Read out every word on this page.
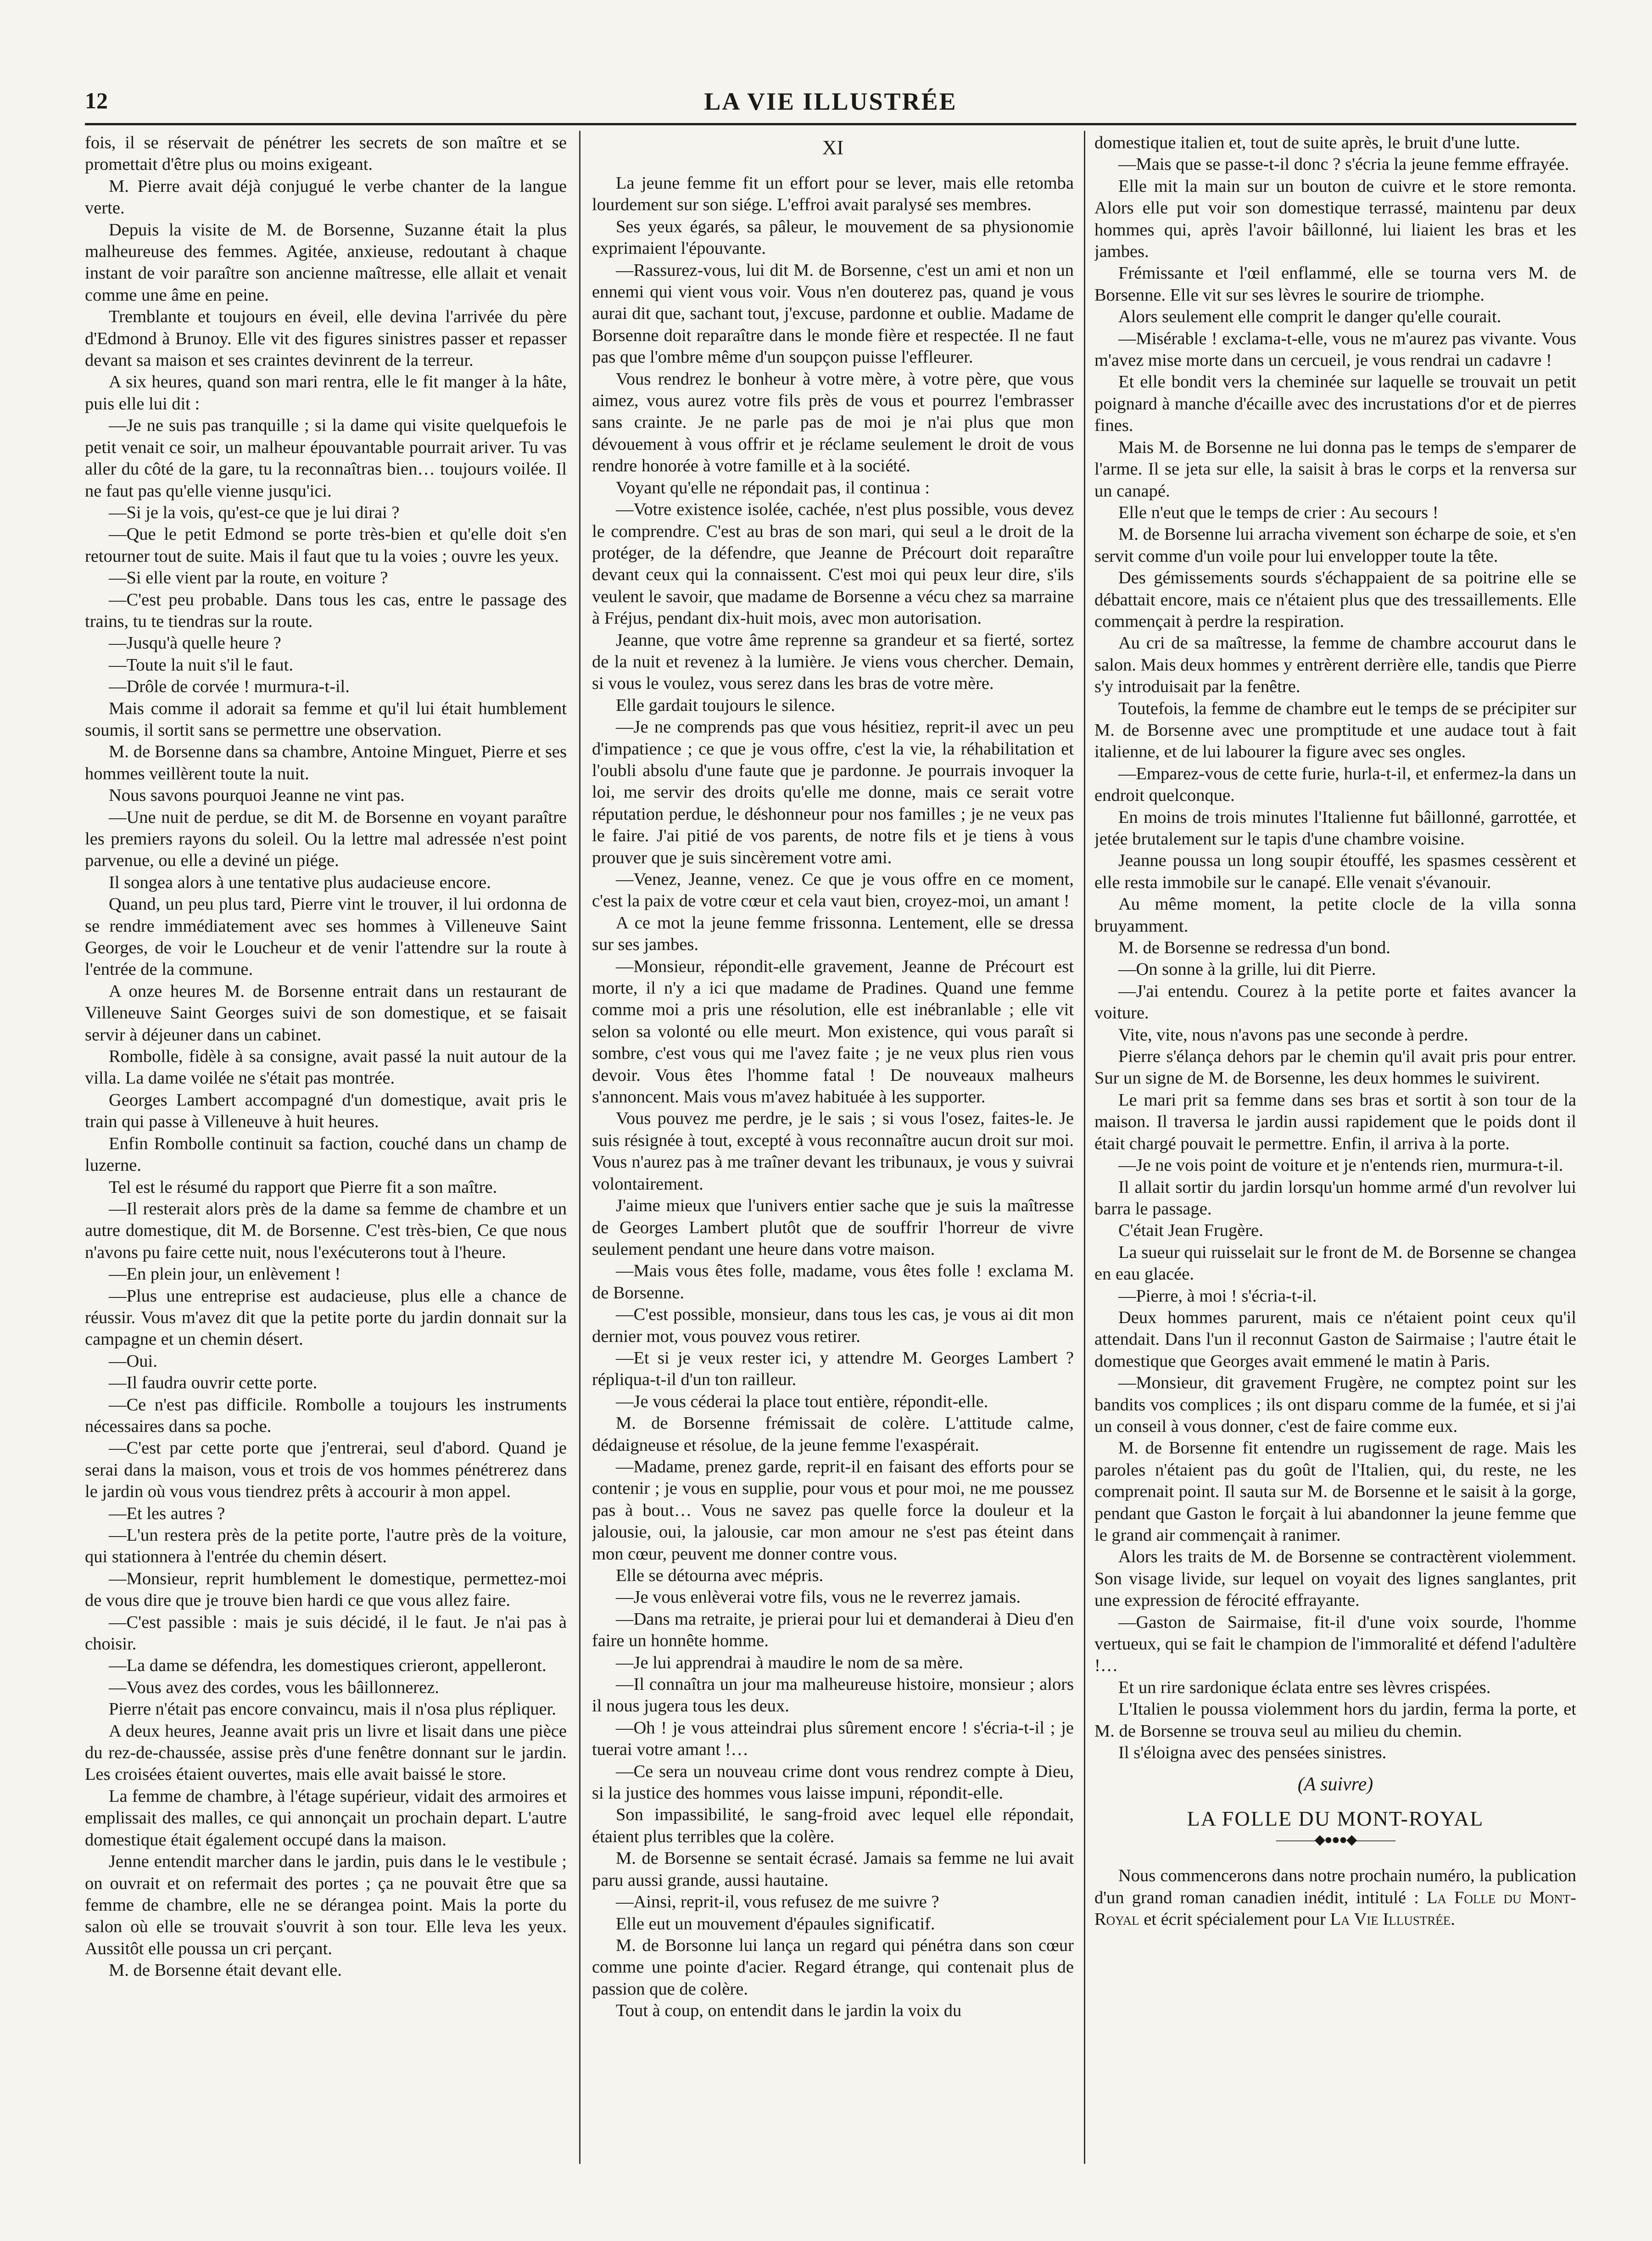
12	LA VIE ILLUSTRÉE

fois, il se réservait de pénétrer les secrets de son maître et se promettait d'être plus ou moins exigeant.

M. Pierre avait déjà conjugué le verbe chanter de la langue verte.

Depuis la visite de M. de Borsenne, Suzanne était la plus malheureuse des femmes. Agitée, anxieuse, redoutant à chaque instant de voir paraître son ancienne maîtresse, elle allait et venait comme une âme en peine.

Tremblante et toujours en éveil, elle devina l'arrivée du père d'Edmond à Brunoy. Elle vit des figures sinistres passer et repasser devant sa maison et ses craintes devinrent de la terreur.

A six heures, quand son mari rentra, elle le fit manger à la hâte, puis elle lui dit :

—Je ne suis pas tranquille ; si la dame qui visite quelquefois le petit venait ce soir, un malheur épouvantable pourrait ariver. Tu vas aller du côté de la gare, tu la reconnaîtras bien… toujours voilée. Il ne faut pas qu'elle vienne jusqu'ici.

—Si je la vois, qu'est-ce que je lui dirai ?

—Que le petit Edmond se porte très-bien et qu'elle doit s'en retourner tout de suite. Mais il faut que tu la voies ; ouvre les yeux.

—Si elle vient par la route, en voiture ?

—C'est peu probable. Dans tous les cas, entre le passage des trains, tu te tiendras sur la route.

—Jusqu'à quelle heure ?

—Toute la nuit s'il le faut.

—Drôle de corvée ! murmura-t-il.

Mais comme il adorait sa femme et qu'il lui était humblement soumis, il sortit sans se permettre une observation.

M. de Borsenne dans sa chambre, Antoine Minguet, Pierre et ses hommes veillèrent toute la nuit.

Nous savons pourquoi Jeanne ne vint pas.

—Une nuit de perdue, se dit M. de Borsenne en voyant paraître les premiers rayons du soleil. Ou la lettre mal adressée n'est point parvenue, ou elle a deviné un piége.

Il songea alors à une tentative plus audacieuse encore.

Quand, un peu plus tard, Pierre vint le trouver, il lui ordonna de se rendre immédiatement avec ses hommes à Villeneuve Saint Georges, de voir le Loucheur et de venir l'attendre sur la route à l'entrée de la commune.

A onze heures M. de Borsenne entrait dans un restaurant de Villeneuve Saint Georges suivi de son domestique, et se faisait servir à déjeuner dans un cabinet.

Rombolle, fidèle à sa consigne, avait passé la nuit autour de la villa. La dame voilée ne s'était pas montrée.

Georges Lambert accompagné d'un domestique, avait pris le train qui passe à Villeneuve à huit heures.

Enfin Rombolle continuit sa faction, couché dans un champ de luzerne.

Tel est le résumé du rapport que Pierre fit a son maître.

—Il resterait alors près de la dame sa femme de chambre et un autre domestique, dit M. de Borsenne. C'est très-bien, Ce que nous n'avons pu faire cette nuit, nous l'exécuterons tout à l'heure.

—En plein jour, un enlèvement !

—Plus une entreprise est audacieuse, plus elle a chance de réussir. Vous m'avez dit que la petite porte du jardin donnait sur la campagne et un chemin désert.

—Oui.

—Il faudra ouvrir cette porte.

—Ce n'est pas difficile. Rombolle a toujours les instruments nécessaires dans sa poche.

—C'est par cette porte que j'entrerai, seul d'abord. Quand je serai dans la maison, vous et trois de vos hommes pénétrerez dans le jardin où vous vous tiendrez prêts à accourir à mon appel.

—Et les autres ?

—L'un restera près de la petite porte, l'autre près de la voiture, qui stationnera à l'entrée du chemin désert.

—Monsieur, reprit humblement le domestique, permettez-moi de vous dire que je trouve bien hardi ce que vous allez faire.

—C'est passible : mais je suis décidé, il le faut. Je n'ai pas à choisir.

—La dame se défendra, les domestiques crieront, appelleront.

—Vous avez des cordes, vous les bâillonnerez.

Pierre n'était pas encore convaincu, mais il n'osa plus répliquer.

A deux heures, Jeanne avait pris un livre et lisait dans une pièce du rez-de-chaussée, assise près d'une fenêtre donnant sur le jardin. Les croisées étaient ouvertes, mais elle avait baissé le store.

La femme de chambre, à l'étage supérieur, vidait des armoires et emplissait des malles, ce qui annonçait un prochain depart. L'autre domestique était également occupé dans la maison.

Jenne entendit marcher dans le jardin, puis dans le le vestibule ; on ouvrait et on refermait des portes ; ça ne pouvait être que sa femme de chambre, elle ne se dérangea point. Mais la porte du salon où elle se trouvait s'ouvrit à son tour. Elle leva les yeux. Aussitôt elle poussa un cri perçant.

M. de Borsenne était devant elle.

XI

La jeune femme fit un effort pour se lever, mais elle retomba lourdement sur son siége. L'effroi avait paralysé ses membres.

Ses yeux égarés, sa pâleur, le mouvement de sa physionomie exprimaient l'épouvante.

—Rassurez-vous, lui dit M. de Borsenne, c'est un ami et non un ennemi qui vient vous voir. Vous n'en douterez pas, quand je vous aurai dit que, sachant tout, j'excuse, pardonne et oublie. Madame de Borsenne doit reparaître dans le monde fière et respectée. Il ne faut pas que l'ombre même d'un soupçon puisse l'effleurer.

Vous rendrez le bonheur à votre mère, à votre père, que vous aimez, vous aurez votre fils près de vous et pourrez l'embrasser sans crainte. Je ne parle pas de moi je n'ai plus que mon dévouement à vous offrir et je réclame seulement le droit de vous rendre honorée à votre famille et à la société.

Voyant qu'elle ne répondait pas, il continua :

—Votre existence isolée, cachée, n'est plus possible, vous devez le comprendre. C'est au bras de son mari, qui seul a le droit de la protéger, de la défendre, que Jeanne de Précourt doit reparaître devant ceux qui la connaissent. C'est moi qui peux leur dire, s'ils veulent le savoir, que madame de Borsenne a vécu chez sa marraine à Fréjus, pendant dix-huit mois, avec mon autorisation.

Jeanne, que votre âme reprenne sa grandeur et sa fierté, sortez de la nuit et revenez à la lumière. Je viens vous chercher. Demain, si vous le voulez, vous serez dans les bras de votre mère.

Elle gardait toujours le silence.

—Je ne comprends pas que vous hésitiez, reprit-il avec un peu d'impatience ; ce que je vous offre, c'est la vie, la réhabilitation et l'oubli absolu d'une faute que je pardonne. Je pourrais invoquer la loi, me servir des droits qu'elle me donne, mais ce serait votre réputation perdue, le déshonneur pour nos familles ; je ne veux pas le faire. J'ai pitié de vos parents, de notre fils et je tiens à vous prouver que je suis sincèrement votre ami.

—Venez, Jeanne, venez. Ce que je vous offre en ce moment, c'est la paix de votre cœur et cela vaut bien, croyez-moi, un amant !

A ce mot la jeune femme frissonna. Lentement, elle se dressa sur ses jambes.

—Monsieur, répondit-elle gravement, Jeanne de Précourt est morte, il n'y a ici que madame de Pradines. Quand une femme comme moi a pris une résolution, elle est inébranlable ; elle vit selon sa volonté ou elle meurt. Mon existence, qui vous paraît si sombre, c'est vous qui me l'avez faite ; je ne veux plus rien vous devoir. Vous êtes l'homme fatal ! De nouveaux malheurs s'annoncent. Mais vous m'avez habituée à les supporter.

Vous pouvez me perdre, je le sais ; si vous l'osez, faites-le. Je suis résignée à tout, excepté à vous reconnaître aucun droit sur moi. Vous n'aurez pas à me traîner devant les tribunaux, je vous y suivrai volontairement.

J'aime mieux que l'univers entier sache que je suis la maîtresse de Georges Lambert plutôt que de souffrir l'horreur de vivre seulement pendant une heure dans votre maison.

—Mais vous êtes folle, madame, vous êtes folle ! exclama M. de Borsenne.

—C'est possible, monsieur, dans tous les cas, je vous ai dit mon dernier mot, vous pouvez vous retirer.

—Et si je veux rester ici, y attendre M. Georges Lambert ? répliqua-t-il d'un ton railleur.

—Je vous céderai la place tout entière, répondit-elle.

M. de Borsenne frémissait de colère. L'attitude calme, dédaigneuse et résolue, de la jeune femme l'exaspérait.

—Madame, prenez garde, reprit-il en faisant des efforts pour se contenir ; je vous en supplie, pour vous et pour moi, ne me poussez pas à bout… Vous ne savez pas quelle force la douleur et la jalousie, oui, la jalousie, car mon amour ne s'est pas éteint dans mon cœur, peuvent me donner contre vous.

Elle se détourna avec mépris.

—Je vous enlèverai votre fils, vous ne le reverrez jamais.

—Dans ma retraite, je prierai pour lui et demanderai à Dieu d'en faire un honnête homme.

—Je lui apprendrai à maudire le nom de sa mère.

—Il connaîtra un jour ma malheureuse histoire, monsieur ; alors il nous jugera tous les deux.

—Oh ! je vous atteindrai plus sûrement encore ! s'écria-t-il ; je tuerai votre amant !…

—Ce sera un nouveau crime dont vous rendrez compte à Dieu, si la justice des hommes vous laisse impuni, répondit-elle.

Son impassibilité, le sang-froid avec lequel elle répondait, étaient plus terribles que la colère.

M. de Borsenne se sentait écrasé. Jamais sa femme ne lui avait paru aussi grande, aussi hautaine.

—Ainsi, reprit-il, vous refusez de me suivre ?

Elle eut un mouvement d'épaules significatif.

M. de Borsonne lui lança un regard qui pénétra dans son cœur comme une pointe d'acier. Regard étrange, qui contenait plus de passion que de colère.

Tout à coup, on entendit dans le jardin la voix du

domestique italien et, tout de suite après, le bruit d'une lutte.

—Mais que se passe-t-il donc ? s'écria la jeune femme effrayée.

Elle mit la main sur un bouton de cuivre et le store remonta. Alors elle put voir son domestique terrassé, maintenu par deux hommes qui, après l'avoir bâillonné, lui liaient les bras et les jambes.

Frémissante et l'œil enflammé, elle se tourna vers M. de Borsenne. Elle vit sur ses lèvres le sourire de triomphe.

Alors seulement elle comprit le danger qu'elle courait.

—Misérable ! exclama-t-elle, vous ne m'aurez pas vivante. Vous m'avez mise morte dans un cercueil, je vous rendrai un cadavre !

Et elle bondit vers la cheminée sur laquelle se trouvait un petit poignard à manche d'écaille avec des incrustations d'or et de pierres fines.

Mais M. de Borsenne ne lui donna pas le temps de s'emparer de l'arme. Il se jeta sur elle, la saisit à bras le corps et la renversa sur un canapé.

Elle n'eut que le temps de crier : Au secours !

M. de Borsenne lui arracha vivement son écharpe de soie, et s'en servit comme d'un voile pour lui envelopper toute la tête.

Des gémissements sourds s'échappaient de sa poitrine elle se débattait encore, mais ce n'étaient plus que des tressaillements. Elle commençait à perdre la respiration.

Au cri de sa maîtresse, la femme de chambre accourut dans le salon. Mais deux hommes y entrèrent derrière elle, tandis que Pierre s'y introduisait par la fenêtre.

Toutefois, la femme de chambre eut le temps de se précipiter sur M. de Borsenne avec une promptitude et une audace tout à fait italienne, et de lui labourer la figure avec ses ongles.

—Emparez-vous de cette furie, hurla-t-il, et enfermez-la dans un endroit quelconque.

En moins de trois minutes l'Italienne fut bâillonné, garrottée, et jetée brutalement sur le tapis d'une chambre voisine.

Jeanne poussa un long soupir étouffé, les spasmes cessèrent et elle resta immobile sur le canapé. Elle venait s'évanouir.

Au même moment, la petite clocle de la villa sonna bruyamment.

M. de Borsenne se redressa d'un bond.

—On sonne à la grille, lui dit Pierre.

—J'ai entendu. Courez à la petite porte et faites avancer la voiture.

Vite, vite, nous n'avons pas une seconde à perdre.

Pierre s'élança dehors par le chemin qu'il avait pris pour entrer. Sur un signe de M. de Borsenne, les deux hommes le suivirent.

Le mari prit sa femme dans ses bras et sortit à son tour de la maison. Il traversa le jardin aussi rapidement que le poids dont il était chargé pouvait le permettre. Enfin, il arriva à la porte.

—Je ne vois point de voiture et je n'entends rien, murmura-t-il.

Il allait sortir du jardin lorsqu'un homme armé d'un revolver lui barra le passage.

C'était Jean Frugère.

La sueur qui ruisselait sur le front de M. de Borsenne se changea en eau glacée.

—Pierre, à moi ! s'écria-t-il.

Deux hommes parurent, mais ce n'étaient point ceux qu'il attendait. Dans l'un il reconnut Gaston de Sairmaise ; l'autre était le domestique que Georges avait emmené le matin à Paris.

—Monsieur, dit gravement Frugère, ne comptez point sur les bandits vos complices ; ils ont disparu comme de la fumée, et si j'ai un conseil à vous donner, c'est de faire comme eux.

M. de Borsenne fit entendre un rugissement de rage. Mais les paroles n'étaient pas du goût de l'Italien, qui, du reste, ne les comprenait point. Il sauta sur M. de Borsenne et le saisit à la gorge, pendant que Gaston le forçait à lui abandonner la jeune femme que le grand air commençait à ranimer.

Alors les traits de M. de Borsenne se contractèrent violemment. Son visage livide, sur lequel on voyait des lignes sanglantes, prit une expression de férocité effrayante.

—Gaston de Sairmaise, fit-il d'une voix sourde, l'homme vertueux, qui se fait le champion de l'immoralité et défend l'adultère !…

Et un rire sardonique éclata entre ses lèvres crispées.

L'Italien le poussa violemment hors du jardin, ferma la porte, et M. de Borsenne se trouva seul au milieu du chemin.

Il s'éloigna avec des pensées sinistres.

(A suivre)
LA FOLLE DU MONT-ROYAL
———◆●●●◆———

Nous commencerons dans notre prochain numéro, la publication d'un grand roman canadien inédit, intitulé : La Folle du Mont-Royal et écrit spécialement pour La Vie Illustrée.
